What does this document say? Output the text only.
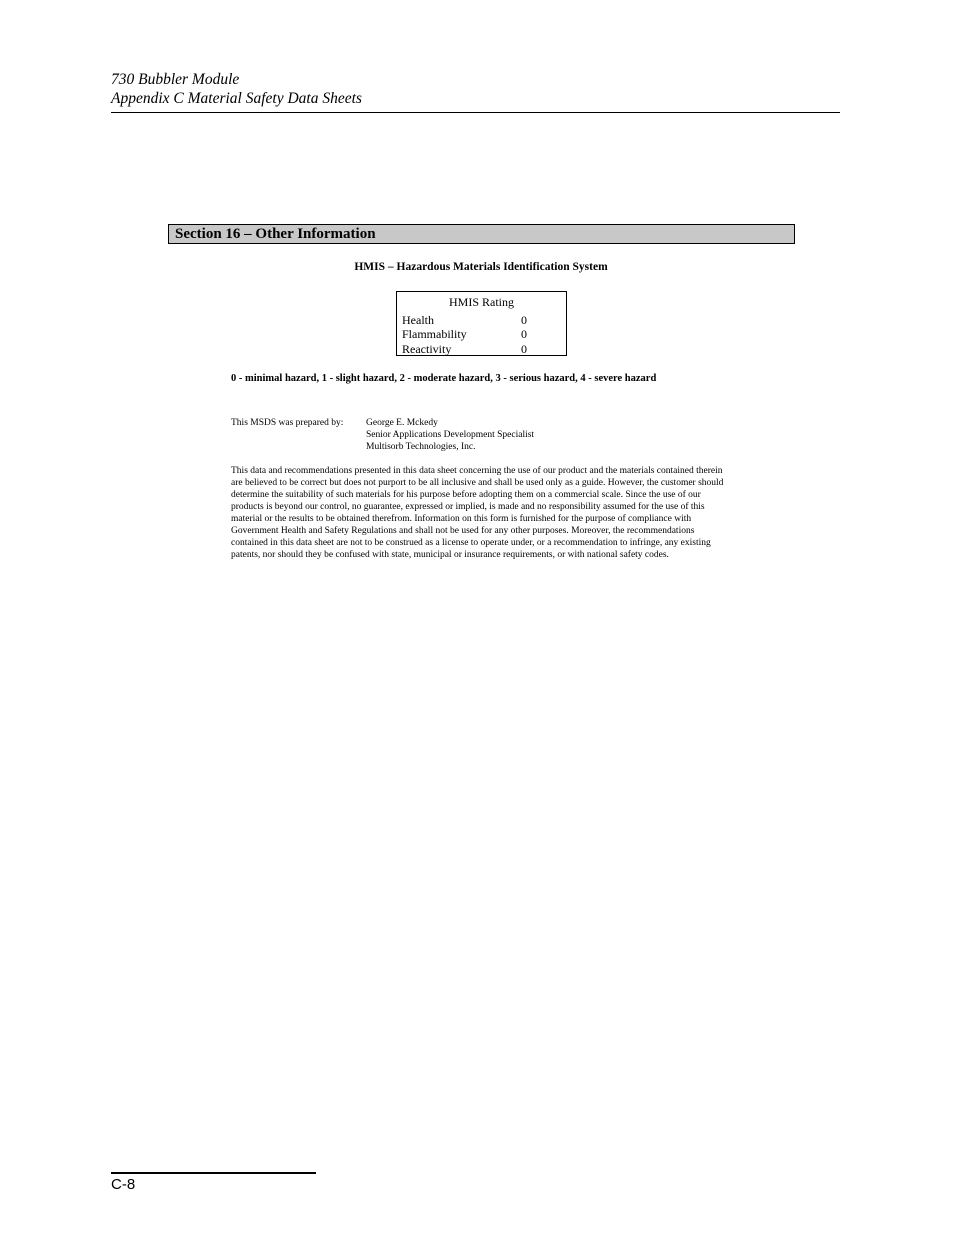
730 Bubbler Module
Appendix C Material Safety Data Sheets
Section 16 – Other Information
HMIS – Hazardous Materials Identification System
HMIS Rating
Health	0
Flammability	0
Reactivity	0
0 - minimal hazard, 1 - slight hazard, 2 - moderate hazard, 3 - serious hazard, 4 - severe hazard
This MSDS was prepared by: George E. Mckedy
Senior Applications Development Specialist
Multisorb Technologies, Inc.
This data and recommendations presented in this data sheet concerning the use of our product and the materials contained therein are believed to be correct but does not purport to be all inclusive and shall be used only as a guide. However, the customer should determine the suitability of such materials for his purpose before adopting them on a commercial scale. Since the use of our products is beyond our control, no guarantee, expressed or implied, is made and no responsibility assumed for the use of this material or the results to be obtained therefrom. Information on this form is furnished for the purpose of compliance with Government Health and Safety Regulations and shall not be used for any other purposes. Moreover, the recommendations contained in this data sheet are not to be construed as a license to operate under, or a recommendation to infringe, any existing patents, nor should they be confused with state, municipal or insurance requirements, or with national safety codes.
C-8
